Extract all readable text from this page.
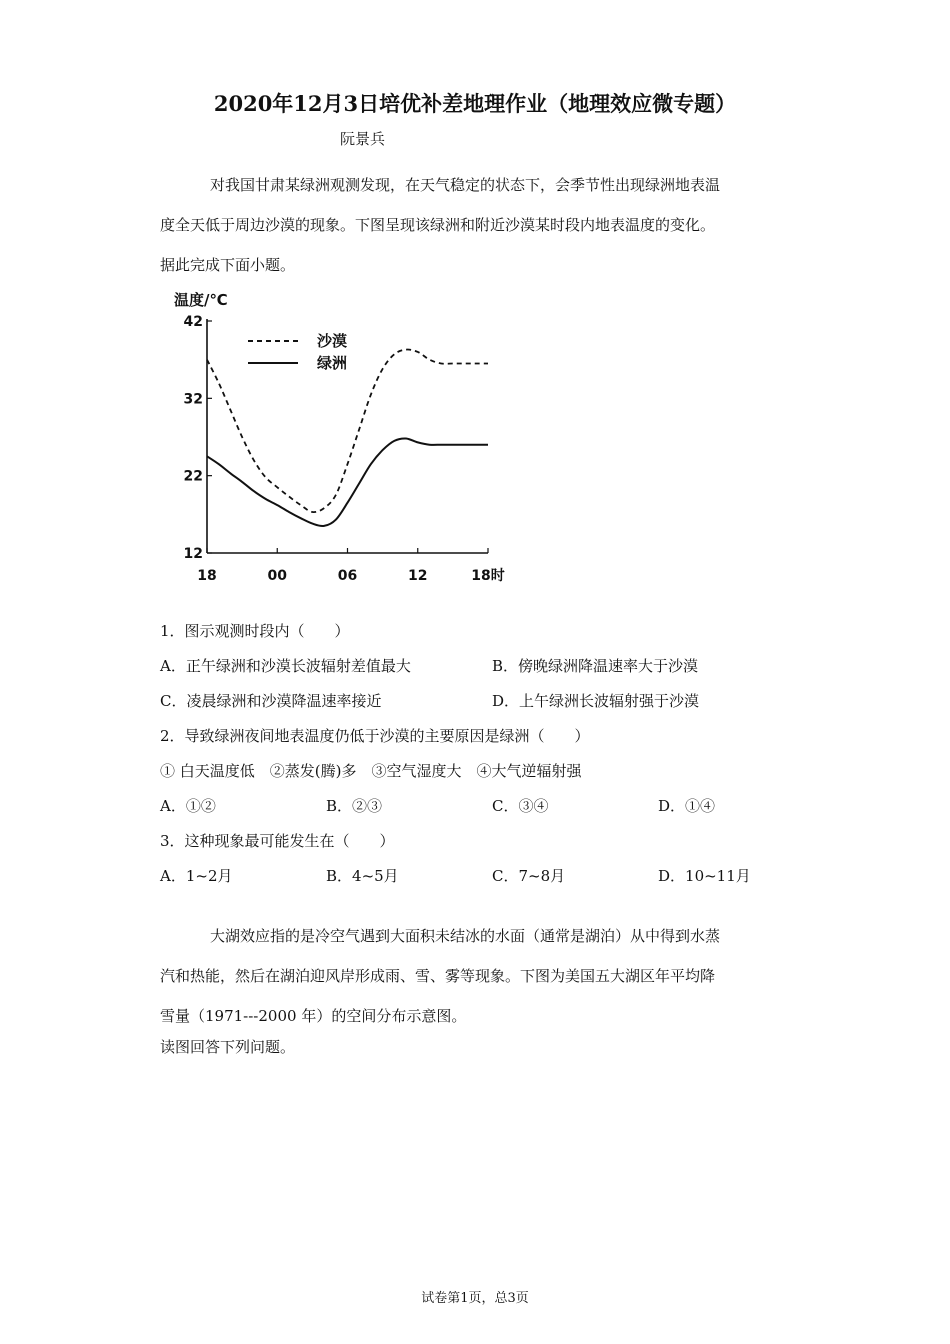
2020年12月3日培优补差地理作业（地理效应微专题）
阮景兵
对我国甘肃某绿洲观测发现，在天气稳定的状态下，会季节性出现绿洲地表温
度全天低于周边沙漠的现象。下图呈现该绿洲和附近沙漠某时段内地表温度的变化。
据此完成下面小题。
温度/℃
42
32
22
12
18	00	06	12	18时
沙漠
绿洲
1．图示观测时段内（　　）
A．正午绿洲和沙漠长波辐射差值最大	B．傍晚绿洲降温速率大于沙漠
C．凌晨绿洲和沙漠降温速率接近	D．上午绿洲长波辐射强于沙漠
2．导致绿洲夜间地表温度仍低于沙漠的主要原因是绿洲（　　）
① 白天温度低　②蒸发(腾)多　③空气湿度大　④大气逆辐射强
A．①②	B．②③	C．③④	D．①④
3．这种现象最可能发生在（　　）
A．1~2月	B．4~5月	C．7~8月	D．10~11月
大湖效应指的是冷空气遇到大面积未结冰的水面（通常是湖泊）从中得到水蒸
汽和热能，然后在湖泊迎风岸形成雨、雪、雾等现象。下图为美国五大湖区年平均降
雪量（1971---2000 年）的空间分布示意图。
读图回答下列问题。
试卷第1页，总3页
